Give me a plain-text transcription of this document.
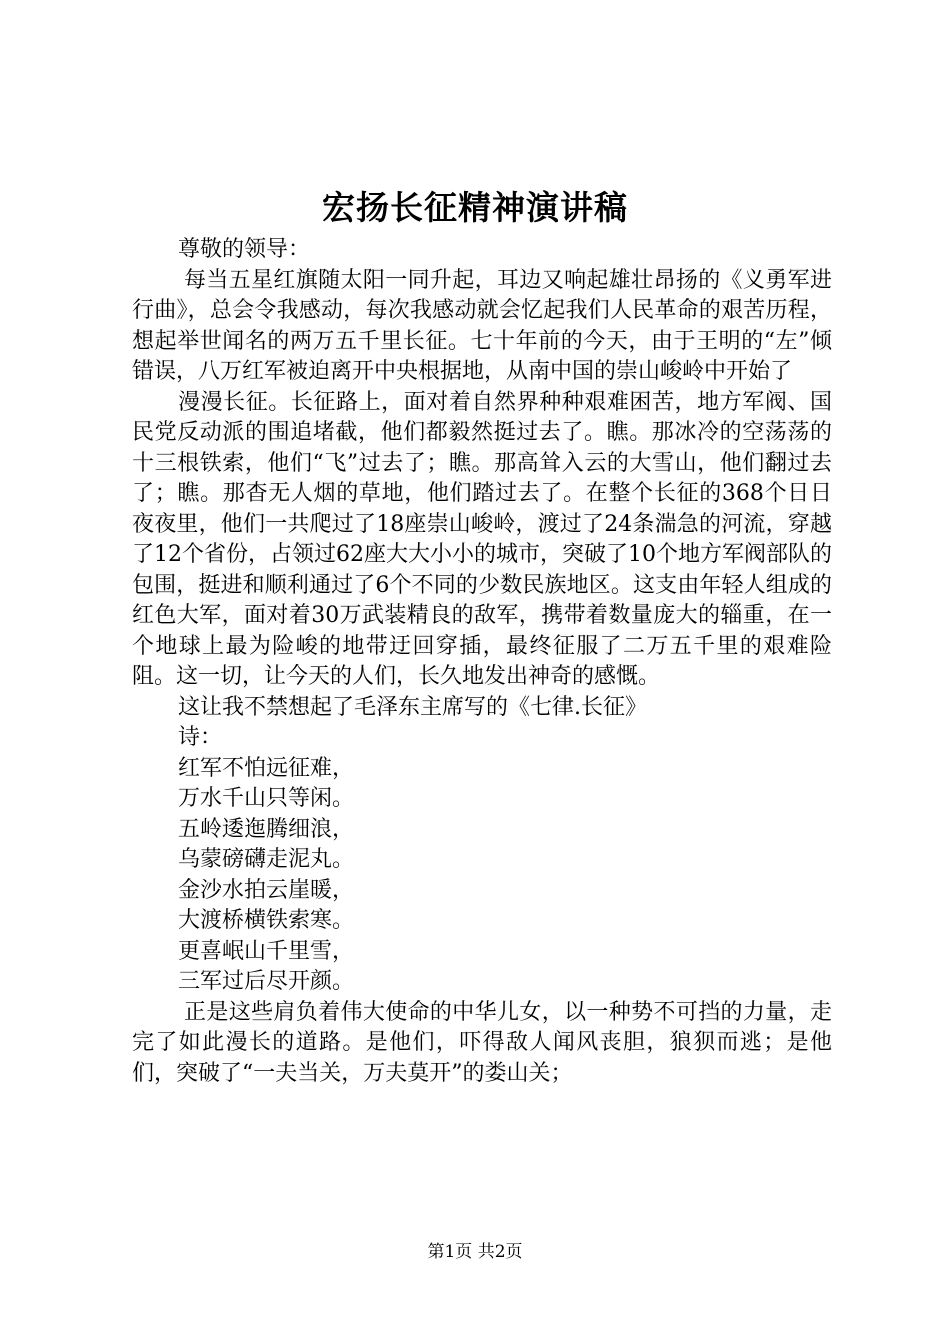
宏扬长征精神演讲稿

尊敬的领导：

每当五星红旗随太阳一同升起，耳边又响起雄壮昂扬的《义勇军进行曲》，总会令我感动，每次我感动就会忆起我们人民革命的艰苦历程，想起举世闻名的两万五千里长征。七十年前的今天，由于王明的“左”倾错误，八万红军被迫离开中央根据地，从南中国的崇山峻岭中开始了

漫漫长征。长征路上，面对着自然界种种艰难困苦，地方军阀、国民党反动派的围追堵截，他们都毅然挺过去了。瞧。那冰冷的空荡荡的十三根铁索，他们“飞”过去了；瞧。那高耸入云的大雪山，他们翻过去了；瞧。那杳无人烟的草地，他们踏过去了。在整个长征的368个日日夜夜里，他们一共爬过了18座崇山峻岭，渡过了24条湍急的河流，穿越了12个省份，占领过62座大大小小的城市，突破了10个地方军阀部队的包围，挺进和顺利通过了6个不同的少数民族地区。这支由年轻人组成的红色大军，面对着30万武装精良的敌军，携带着数量庞大的辎重，在一个地球上最为险峻的地带迂回穿插，最终征服了二万五千里的艰难险阻。这一切，让今天的人们，长久地发出神奇的感慨。

这让我不禁想起了毛泽东主席写的《七律.长征》

诗：

红军不怕远征难，

万水千山只等闲。

五岭逶迤腾细浪，

乌蒙磅礴走泥丸。

金沙水拍云崖暖，

大渡桥横铁索寒。

更喜岷山千里雪，

三军过后尽开颜。

正是这些肩负着伟大使命的中华儿女，以一种势不可挡的力量，走完了如此漫长的道路。是他们，吓得敌人闻风丧胆，狼狈而逃；是他们，突破了“一夫当关，万夫莫开”的娄山关；

第1页 共2页
